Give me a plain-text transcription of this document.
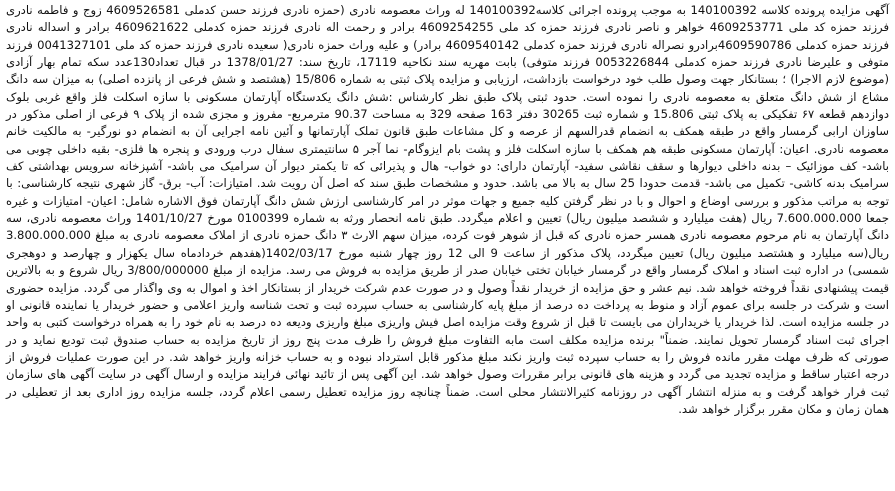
آگهی مزایده پرونده کلاسه 140100392 به موجب پرونده اجرائی کلاسه140100392 له وراث معصومه نادری (حمزه نادری فرزند حسن کدملی 4609526581 زوج و فاطمه نادری فرزند حمزه کد ملی 4609253771 خواهر و ناصر نادری فرزند حمزه کد ملی 4609254255 برادر و رحمت اله نادری فرزند حمزه کدملی 4609621622 برادر و اسداله نادری فرزند حمزه کدملی 4609590786برادرو نصراله نادری فرزند حمزه کدملی 4609540142 برادر) و علیه وراث حمزه نادری( سعیده نادری فرزند حمزه کد ملی 0041327101 فرزند متوفی و علیرضا نادری فرزند حمزه کدملی 0053226844 فرزند متوفی) بابت مهریه سند نکاحیه 17119، تاریخ سند: 1378/01/27 در قبال تعداد130عدد سکه تمام بهار آزادی (موضوع لازم الاجرا) ؛ بستانکار جهت وصول طلب خود درخواست بازداشت، ارزیابی و مزایده پلاک ثبتی به شماره 15/806 (هشتصد و شش فرعی از پانزده اصلی) به میزان سه دانگ مشاع از شش دانگ متعلق به معصومه نادری را نموده است. حدود ثبتی پلاک طبق نظر کارشناس :شش دانگ یکدستگاه آپارتمان مسکونی با سازه اسکلت فلز واقع غربی بلوک دوازدهم قطعه ۶۷ تفکیکی به پلاک ثبتی 15.806 و شماره ثبت 30265 دفتر 163 صفحه 329 به مساحت 90.37 مترمربع- مفروز و مجزی شده از پلاک ۹ فرعی از اصلی مذکور در ساوزان ارابی گرمسار واقع در طبقه همکف به انضمام قدرالسهم از عرصه و کل مشاعات طبق قانون تملک آپارتمانها و آئین نامه اجرایی آن به انضمام دو نورگیر- به مالکیت خانم معصومه نادری. اعیان: آپارتمان مسکونی طبقه هم همکف با سازه اسکلت فلز و پشت بام ایزوگام- نما آجر ۵ سانتیمتری سفال درب ورودی و پنجره ها فلزی- بقیه داخلی چوبی می باشد- کف موزائیک – بدنه داخلی دیوارها و سقف نقاشی سفید- آپارتمان دارای: دو خواب- هال و پذیرائی که تا یکمتر دیوار آن سرامیک می باشد- آشپزخانه سرویس بهداشتی کف سرامیک بدنه کاشی- تکمیل می باشد- قدمت حدودا 25 سال به بالا می باشد. حدود و مشخصات طبق سند که اصل آن رویت شد. امتیازات: آب- برق- گاز شهری نتیجه کارشناسی: با توجه به مراتب مذکور و بررسی اوضاع و احوال و با در نظر گرفتن کلیه جمیع و جهات موثر در امر کارشناسی ارزش شش دانگ آپارتمان فوق الاشاره شامل: اعیان- امتیازات و غیره جمعا 7.600.000.000 ریال (هفت میلیارد و ششصد میلیون ریال) تعیین و اعلام میگردد. طبق نامه انحصار ورثه به شماره 0100399 مورخ 1401/10/27 وراث معصومه نادری، سه دانگ آپارتمان به نام مرحوم معصومه نادری همسر حمزه نادری که قبل از شوهر فوت کرده، میزان سهم الارث ۳ دانگ حمزه نادری از املاک معصومه نادری به مبلغ 3.800.000.000 ریال(سه میلیارد و هشتصد میلیون ریال) تعیین میگردد، پلاک مذکور از ساعت 9 الی 12 روز چهار شنبه مورخ 1402/03/17(هفدهم خردادماه سال یکهزار و چهارصد و دوهجری شمسی) در اداره ثبت اسناد و املاک گرمسار واقع در گرمسار خیابان تختی خیابان صدر از طریق مزایده به فروش می رسد. مزایده از مبلغ 3/800/000000 ریال شروع و به بالاترین قیمت پیشنهادی نقداً فروخته خواهد شد. نیم عشر و حق مزایده از خریدار نقداً وصول و در صورت عدم شرکت خریدار از بستانکار اخذ و اموال به وی واگذار می گردد. مزایده حضوری است و شرکت در جلسه برای عموم آزاد و منوط به پرداخت ده درصد از مبلغ پایه کارشناسی به حساب سپرده ثبت و تحت شناسه واریز اعلامی و حضور خریدار یا نماینده قانونی او در جلسه مزایده است. لذا خریدار یا خریداران می بایست تا قبل از شروع وقت مزایده اصل فیش واریزی مبلغ واریزی ودیعه ده درصد به نام خود را به همراه درخواست کتبی به واحد اجرای ثبت اسناد گرمسار تحویل نمایند. ضمناً" برنده مزایده مکلف است مابه التفاوت مبلغ فروش را ظرف مدت پنج روز از تاریخ مزایده به حساب صندوق ثبت تودیع نماید و در صورتی که ظرف مهلت مقرر مانده فروش را به حساب سپرده ثبت واریز نکند مبلغ مذکور قابل استرداد نبوده و به حساب خزانه واریز خواهد شد. در این صورت عملیات فروش از درجه اعتبار ساقط و مزایده تجدید می گردد و هزینه های قانونی برابر مقررات وصول خواهد شد. این آگهی پس از تائید نهائی فرایند مزایده و ارسال آگهی در سایت آگهی های سازمان ثبت فرار خواهد گرفت و به منزله انتشار آگهی در روزنامه کثیرالانتشار محلی است. ضمناً چنانچه روز مزایده تعطیل رسمی اعلام گردد، جلسه مزایده روز اداری بعد از تعطیلی در همان زمان و مکان مقرر برگزار خواهد شد.
